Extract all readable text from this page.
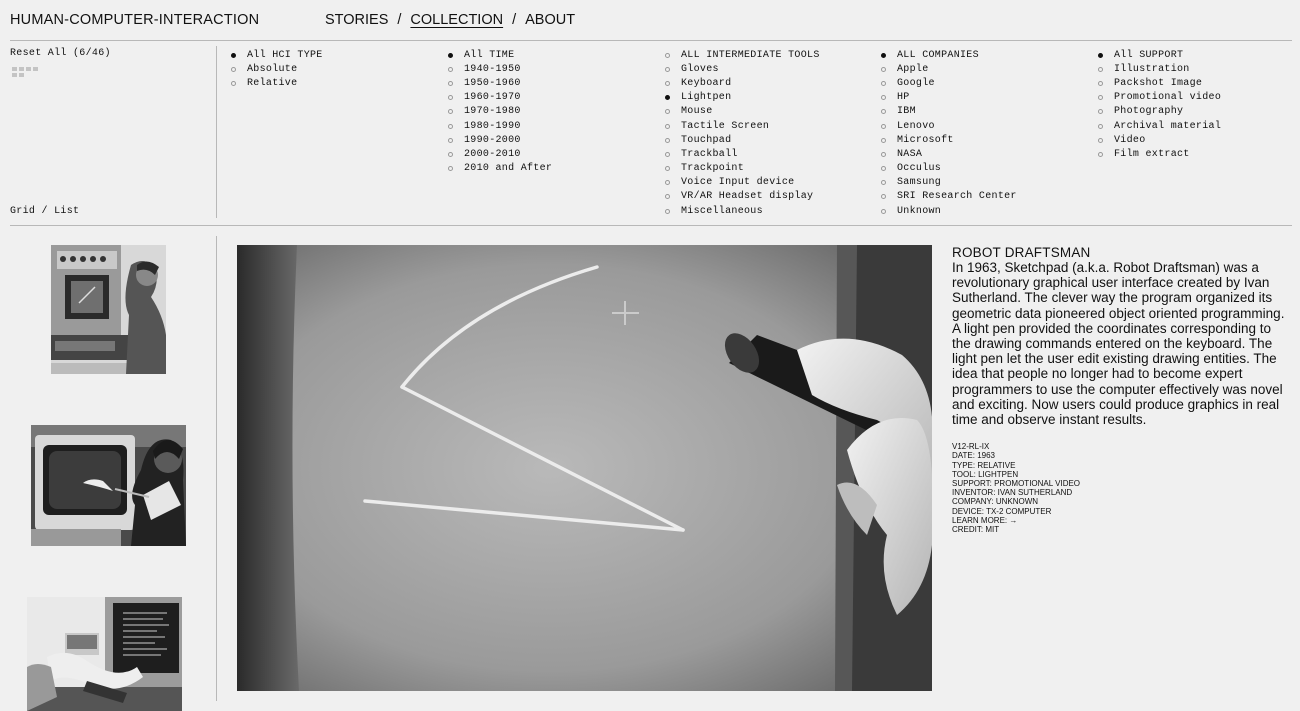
HUMAN-COMPUTER-INTERACTION	STORIES / COLLECTION / ABOUT
Reset All (6/46)
Grid / List
All HCI TYPE
Absolute
Relative
All TIME
1940-1950
1950-1960
1960-1970
1970-1980
1980-1990
1990-2000
2000-2010
2010 and After
ALL INTERMEDIATE TOOLS
Gloves
Keyboard
Lightpen
Mouse
Tactile Screen
Touchpad
Trackball
Trackpoint
Voice Input device
VR/AR Headset display
Miscellaneous
ALL COMPANIES
Apple
Google
HP
IBM
Lenovo
Microsoft
NASA
Occulus
Samsung
SRI Research Center
Unknown
All SUPPORT
Illustration
Packshot Image
Promotional video
Photography
Archival material
Video
Film extract
ROBOT DRAFTSMAN

In 1963, Sketchpad (a.k.a. Robot Draftsman) was a revolutionary graphical user interface created by Ivan Sutherland. The clever way the program organized its geometric data pioneered object oriented programming. A light pen provided the coordinates corresponding to the drawing commands entered on the keyboard. The light pen let the user edit existing drawing entities. The idea that people no longer had to become expert programmers to use the computer effectively was novel and exciting. Now users could produce graphics in real time and observe instant results.

V12-RL-IX
DATE: 1963
TYPE: RELATIVE
TOOL: LIGHTPEN
SUPPORT: PROMOTIONAL VIDEO
INVENTOR: IVAN SUTHERLAND
COMPANY: UNKNOWN
DEVICE: TX-2 COMPUTER
LEARN MORE: →
CREDIT: MIT
